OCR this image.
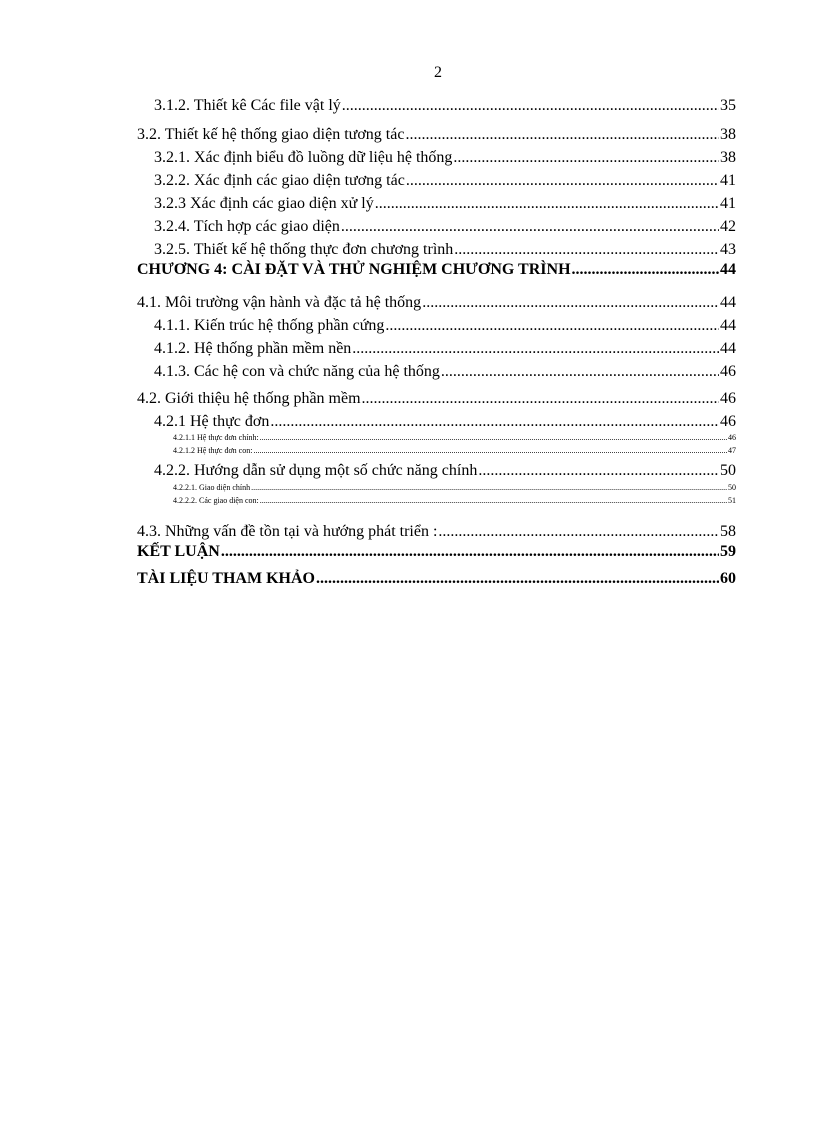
2
3.1.2. Thiết kê Các file vật lý .....	35
3.2. Thiết kế hệ thống giao diện tương tác .....	38
3.2.1. Xác định biểu đồ luồng dữ liệu hệ thống .....	38
3.2.2. Xác định các giao diện tương tác .....	41
3.2.3 Xác định các giao diện xử lý .....	41
3.2.4. Tích hợp các giao diện .....	42
3.2.5. Thiết kế hệ thống thực đơn chương trình .....	43
CHƯƠNG 4: CÀI ĐẶT VÀ THỬ NGHIỆM CHƯƠNG TRÌNH .....	44
4.1. Môi trường vận hành và đặc tả hệ thống .....	44
4.1.1. Kiến trúc hệ thống phần cứng .....	44
4.1.2. Hệ thống phần mềm nền .....	44
4.1.3. Các hệ con và chức năng của hệ thống .....	46
4.2. Giới thiệu hệ thống phần mềm .....	46
4.2.1 Hệ thực đơn .....	46
4.2.1.1 Hệ thực đơn chính: .....	46
4.2.1.2 Hệ thực đơn con: .....	47
4.2.2. Hướng dẫn sử dụng một số chức năng chính .....	50
4.2.2.1. Giao diện chính .....	50
4.2.2.2. Các giao diện con: .....	51
4.3. Những vấn đề tồn tại và hướng phát triển : .....	58
KẾT LUẬN .....	59
TÀI LIỆU THAM KHẢO .....	60
